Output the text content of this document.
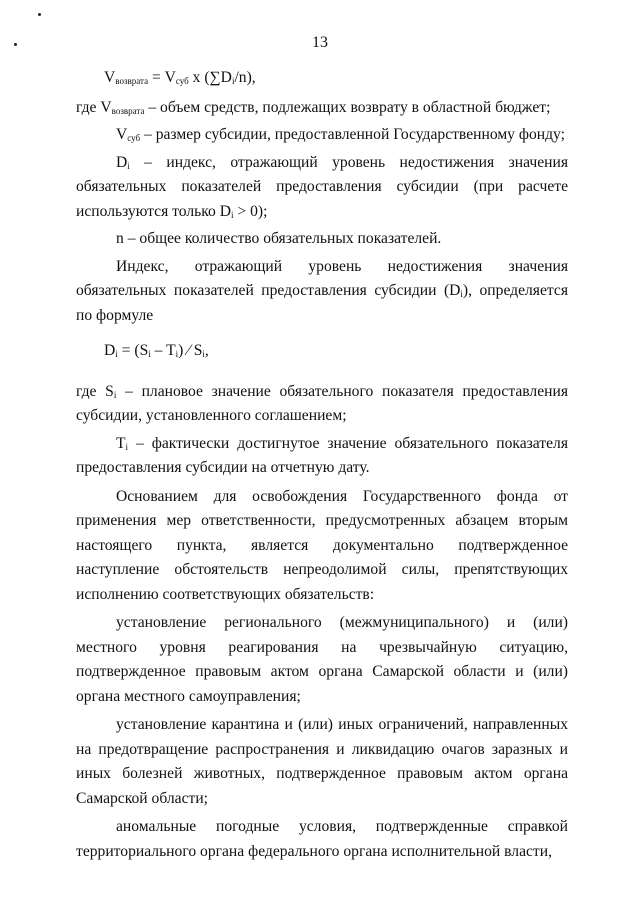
13

$V_{возврата} = V_{суб}$ x $(\sum D_i/n)$,

где $V_{возврата}$ – объем средств, подлежащих возврату в областной бюджет;

$V_{суб}$ – размер субсидии, предоставленной Государственному фонду;

$D_i$ – индекс, отражающий уровень недостижения значения обязательных показателей предоставления субсидии (при расчете используются только $D_i > 0$);

n – общее количество обязательных показателей.

Индекс, отражающий уровень недостижения значения обязательных показателей предоставления субсидии $(D_i)$, определяется по формуле

$D_i = (S_i - T_i)$ ⁄ $S_i$,

где $S_i$ – плановое значение обязательного показателя предоставления субсидии, установленного соглашением;

$T_i$ – фактически достигнутое значение обязательного показателя предоставления субсидии на отчетную дату.

Основанием для освобождения Государственного фонда от применения мер ответственности, предусмотренных абзацем вторым настоящего пункта, является документально подтвержденное наступление обстоятельств непреодолимой силы, препятствующих исполнению соответствующих обязательств:

установление регионального (межмуниципального) и (или) местного уровня реагирования на чрезвычайную ситуацию, подтвержденное правовым актом органа Самарской области и (или) органа местного самоуправления;

установление карантина и (или) иных ограничений, направленных на предотвращение распространения и ликвидацию очагов заразных и иных болезней животных, подтвержденное правовым актом органа Самарской области;

аномальные погодные условия, подтвержденные справкой территориального органа федерального органа исполнительной власти,
